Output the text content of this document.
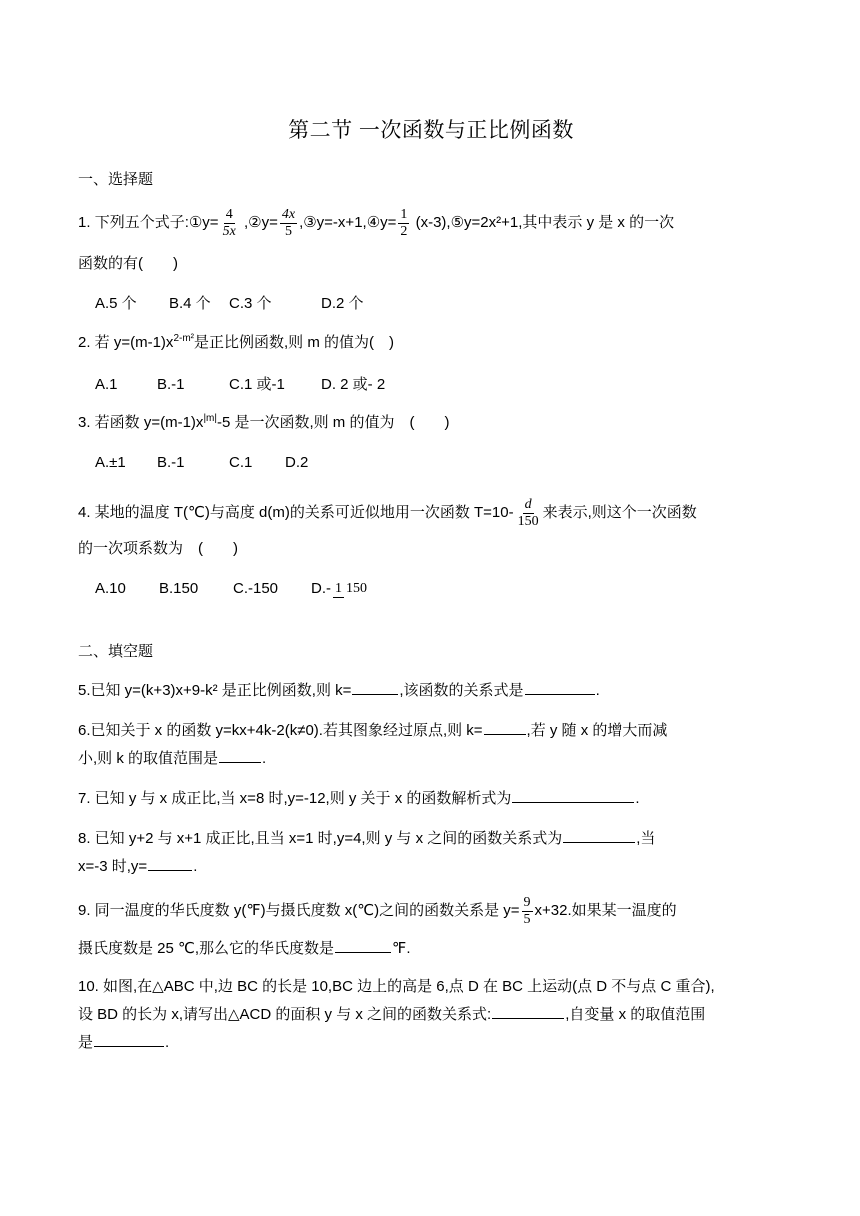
第二节 一次函数与正比例函数
一、选择题
1. 下列五个式子:①y= $\frac{4}{5x}$ ,②y= $\frac{4x}{5}$ ,③y=-x+1,④y= $\frac{1}{2}$ (x-3),⑤y=2x²+1,其中表示 y 是 x 的一次
函数的有(　　)
A.5 个 B.4 个 C.3 个	D.2 个
2. 若 $y=(m-1)x^{2-m^2}$是正比例函数,则 m 的值为(　)
A.1	B.-1	C.1 或-1 D. 2 或- 2
3. 若函数 $y=(m-1)x^{|m|}-5$ 是一次函数,则 m 的值为　(　　)
A.±1 B.-1	C.1 D.2
4. 某地的温度 T(℃)与高度 d(m)的关系可近似地用一次函数 $T=10- \frac{d}{150}$ 来表示,则这个一次函数
的一次项系数为　(　　)
A.10 B.150 C.-150 D.- 1 150
二、填空题
5.已知 y=(k+3)x+9-k² 是正比例函数,则 k=	,该函数的关系式是	.
6.已知关于 x 的函数 y=kx+4k-2(k≠0).若其图象经过原点,则 k=	,若 y 随 x 的增大而减
小,则 k 的取值范围是	.
7. 已知 y 与 x 成正比,当 x=8 时,y=-12,则 y 关于 x 的函数解析式为	.
8. 已知 y+2 与 x+1 成正比,且当 x=1 时,y=4,则 y 与 x 之间的函数关系式为	,当
x=-3 时,y=	.
9. 同一温度的华氏度数 y(℉)与摄氏度数 x(℃)之间的函数关系是 $y= \frac{9}{5} x+32$.如果某一温度的
摄氏度数是 25 ℃,那么它的华氏度数是	℉.
10. 如图,在△ABC 中,边 BC 的长是 10,BC 边上的高是 6,点 D 在 BC 上运动(点 D 不与点 C 重合),
设 BD 的长为 x,请写出△ACD 的面积 y 与 x 之间的函数关系式:	,自变量 x 的取值范围
是	.
